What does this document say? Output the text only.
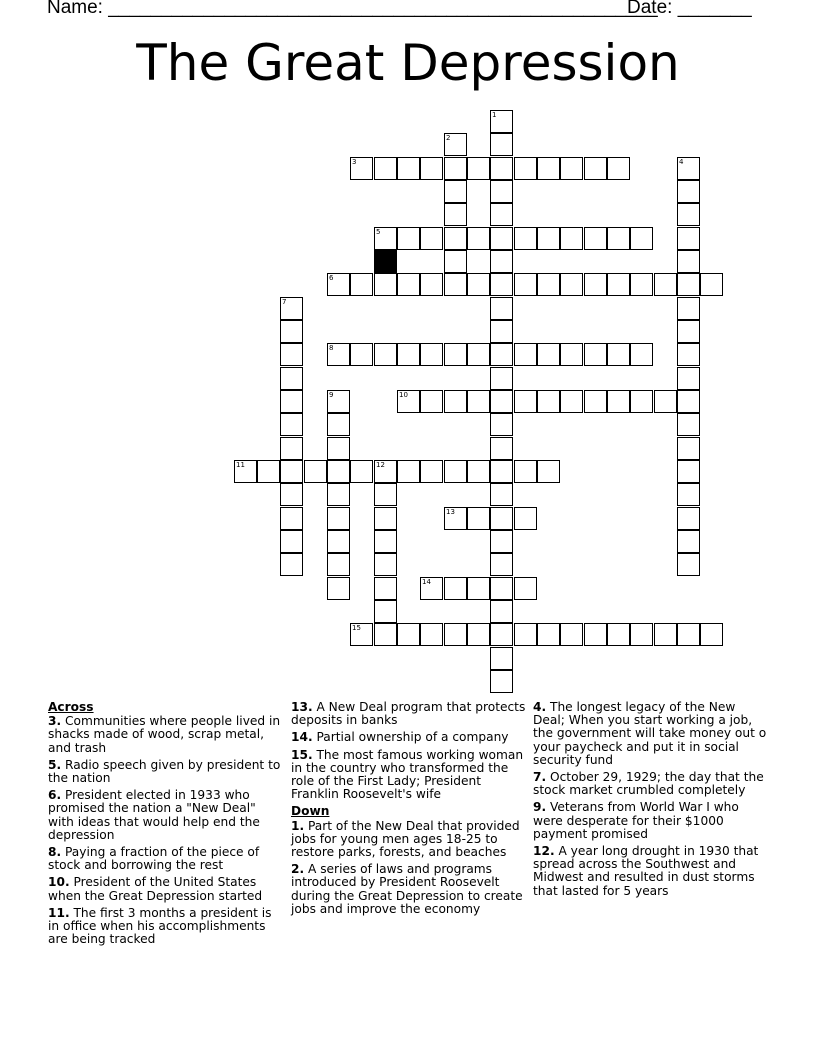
Name: ____________________________________________________
Date: _______
The Great Depression
1
2
3	4
5
6
7
8
9	10
11	12
13
14
15
Across
3. Communities where people lived in shacks made of wood, scrap metal, and trash
5. Radio speech given by president to the nation
6. President elected in 1933 who promised the nation a "New Deal" with ideas that would help end the depression
8. Paying a fraction of the piece of stock and borrowing the rest
10. President of the United States when the Great Depression started
11. The first 3 months a president is in office when his accomplishments are being tracked
13. A New Deal program that protects deposits in banks
14. Partial ownership of a company
15. The most famous working woman in the country who transformed the role of the First Lady; President Franklin Roosevelt's wife
Down
1. Part of the New Deal that provided jobs for young men ages 18-25 to restore parks, forests, and beaches
2. A series of laws and programs introduced by President Roosevelt during the Great Depression to create jobs and improve the economy
4. The longest legacy of the New Deal; When you start working a job, the government will take money out o your paycheck and put it in social security fund
7. October 29, 1929; the day that the stock market crumbled completely
9. Veterans from World War I who were desperate for their $1000 payment promised
12. A year long drought in 1930 that spread across the Southwest and Midwest and resulted in dust storms that lasted for 5 years
